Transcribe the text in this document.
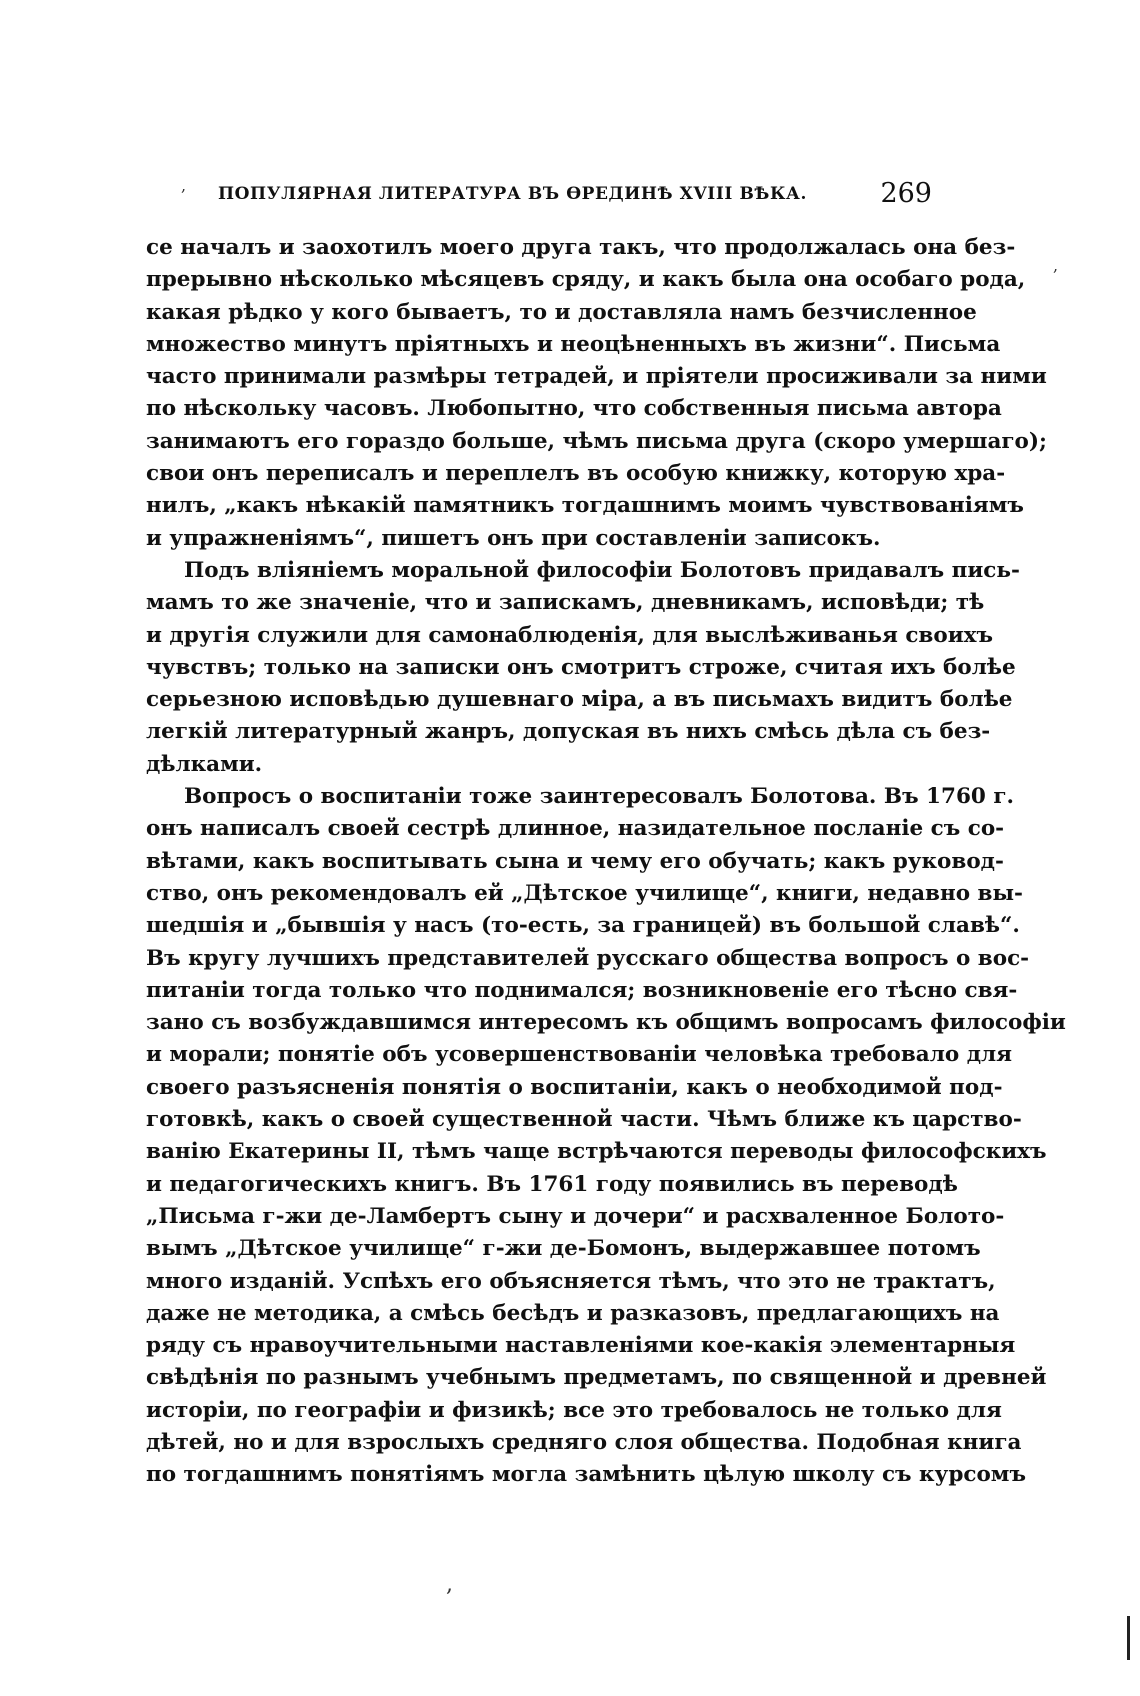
ПОПУЛЯРНАЯ ЛИТЕРАТУРА ВЪ ѲРЕДИНѢ XVIII ВѢКА.	269
,
,
,
се началъ и заохотилъ моего друга такъ, что продолжалась она без-
прерывно нѣсколько мѣсяцевъ сряду, и какъ была она особаго рода,
какая рѣдко у кого бываетъ, то и доставляла намъ безчисленное
множество минутъ пріятныхъ и неоцѣненныхъ въ жизни“. Письма
часто принимали размѣры тетрадей, и пріятели просиживали за ними
по нѣскольку часовъ. Любопытно, что собственныя письма автора
занимаютъ его гораздо больше, чѣмъ письма друга (скоро умершаго);
свои онъ переписалъ и переплелъ въ особую книжку, которую хра-
нилъ, „какъ нѣкакій памятникъ тогдашнимъ моимъ чувствованіямъ
и упражненіямъ“, пишетъ онъ при составленіи записокъ.
Подъ вліяніемъ моральной философіи Болотовъ придавалъ пись-
мамъ то же значеніе, что и запискамъ, дневникамъ, исповѣди; тѣ
и другія служили для самонаблюденія, для выслѣживанья своихъ
чувствъ; только на записки онъ смотритъ строже, считая ихъ болѣе
серьезною исповѣдью душевнаго міра, а въ письмахъ видитъ болѣе
легкій литературный жанръ, допуская въ нихъ смѣсь дѣла съ без-
дѣлками.
Вопросъ о воспитаніи тоже заинтересовалъ Болотова. Въ 1760 г.
онъ написалъ своей сестрѣ длинное, назидательное посланіе съ со-
вѣтами, какъ воспитывать сына и чему его обучать; какъ руковод-
ство, онъ рекомендовалъ ей „Дѣтское училище“, книги, недавно вы-
шедшія и „бывшія у насъ (то-есть, за границей) въ большой славѣ“.
Въ кругу лучшихъ представителей русскаго общества вопросъ о вос-
питаніи тогда только что поднимался; возникновеніе его тѣсно свя-
зано съ возбуждавшимся интересомъ къ общимъ вопросамъ философіи
и морали; понятіе объ усовершенствованіи человѣка требовало для
своего разъясненія понятія о воспитаніи, какъ о необходимой под-
готовкѣ, какъ о своей существенной части. Чѣмъ ближе къ царство-
ванію Екатерины II, тѣмъ чаще встрѣчаются переводы философскихъ
и педагогическихъ книгъ. Въ 1761 году появились въ переводѣ
„Письма г-жи де-Ламбертъ сыну и дочери“ и расхваленное Болото-
вымъ „Дѣтское училище“ г-жи де-Бомонъ, выдержавшее потомъ
много изданій. Успѣхъ его объясняется тѣмъ, что это не трактатъ,
даже не методика, а смѣсь бесѣдъ и разказовъ, предлагающихъ на
ряду съ нравоучительными наставленіями кое-какія элементарныя
свѣдѣнія по разнымъ учебнымъ предметамъ, по священной и древней
исторіи, по географіи и физикѣ; все это требовалось не только для
дѣтей, но и для взрослыхъ средняго слоя общества. Подобная книга
по тогдашнимъ понятіямъ могла замѣнить цѣлую школу съ курсомъ
